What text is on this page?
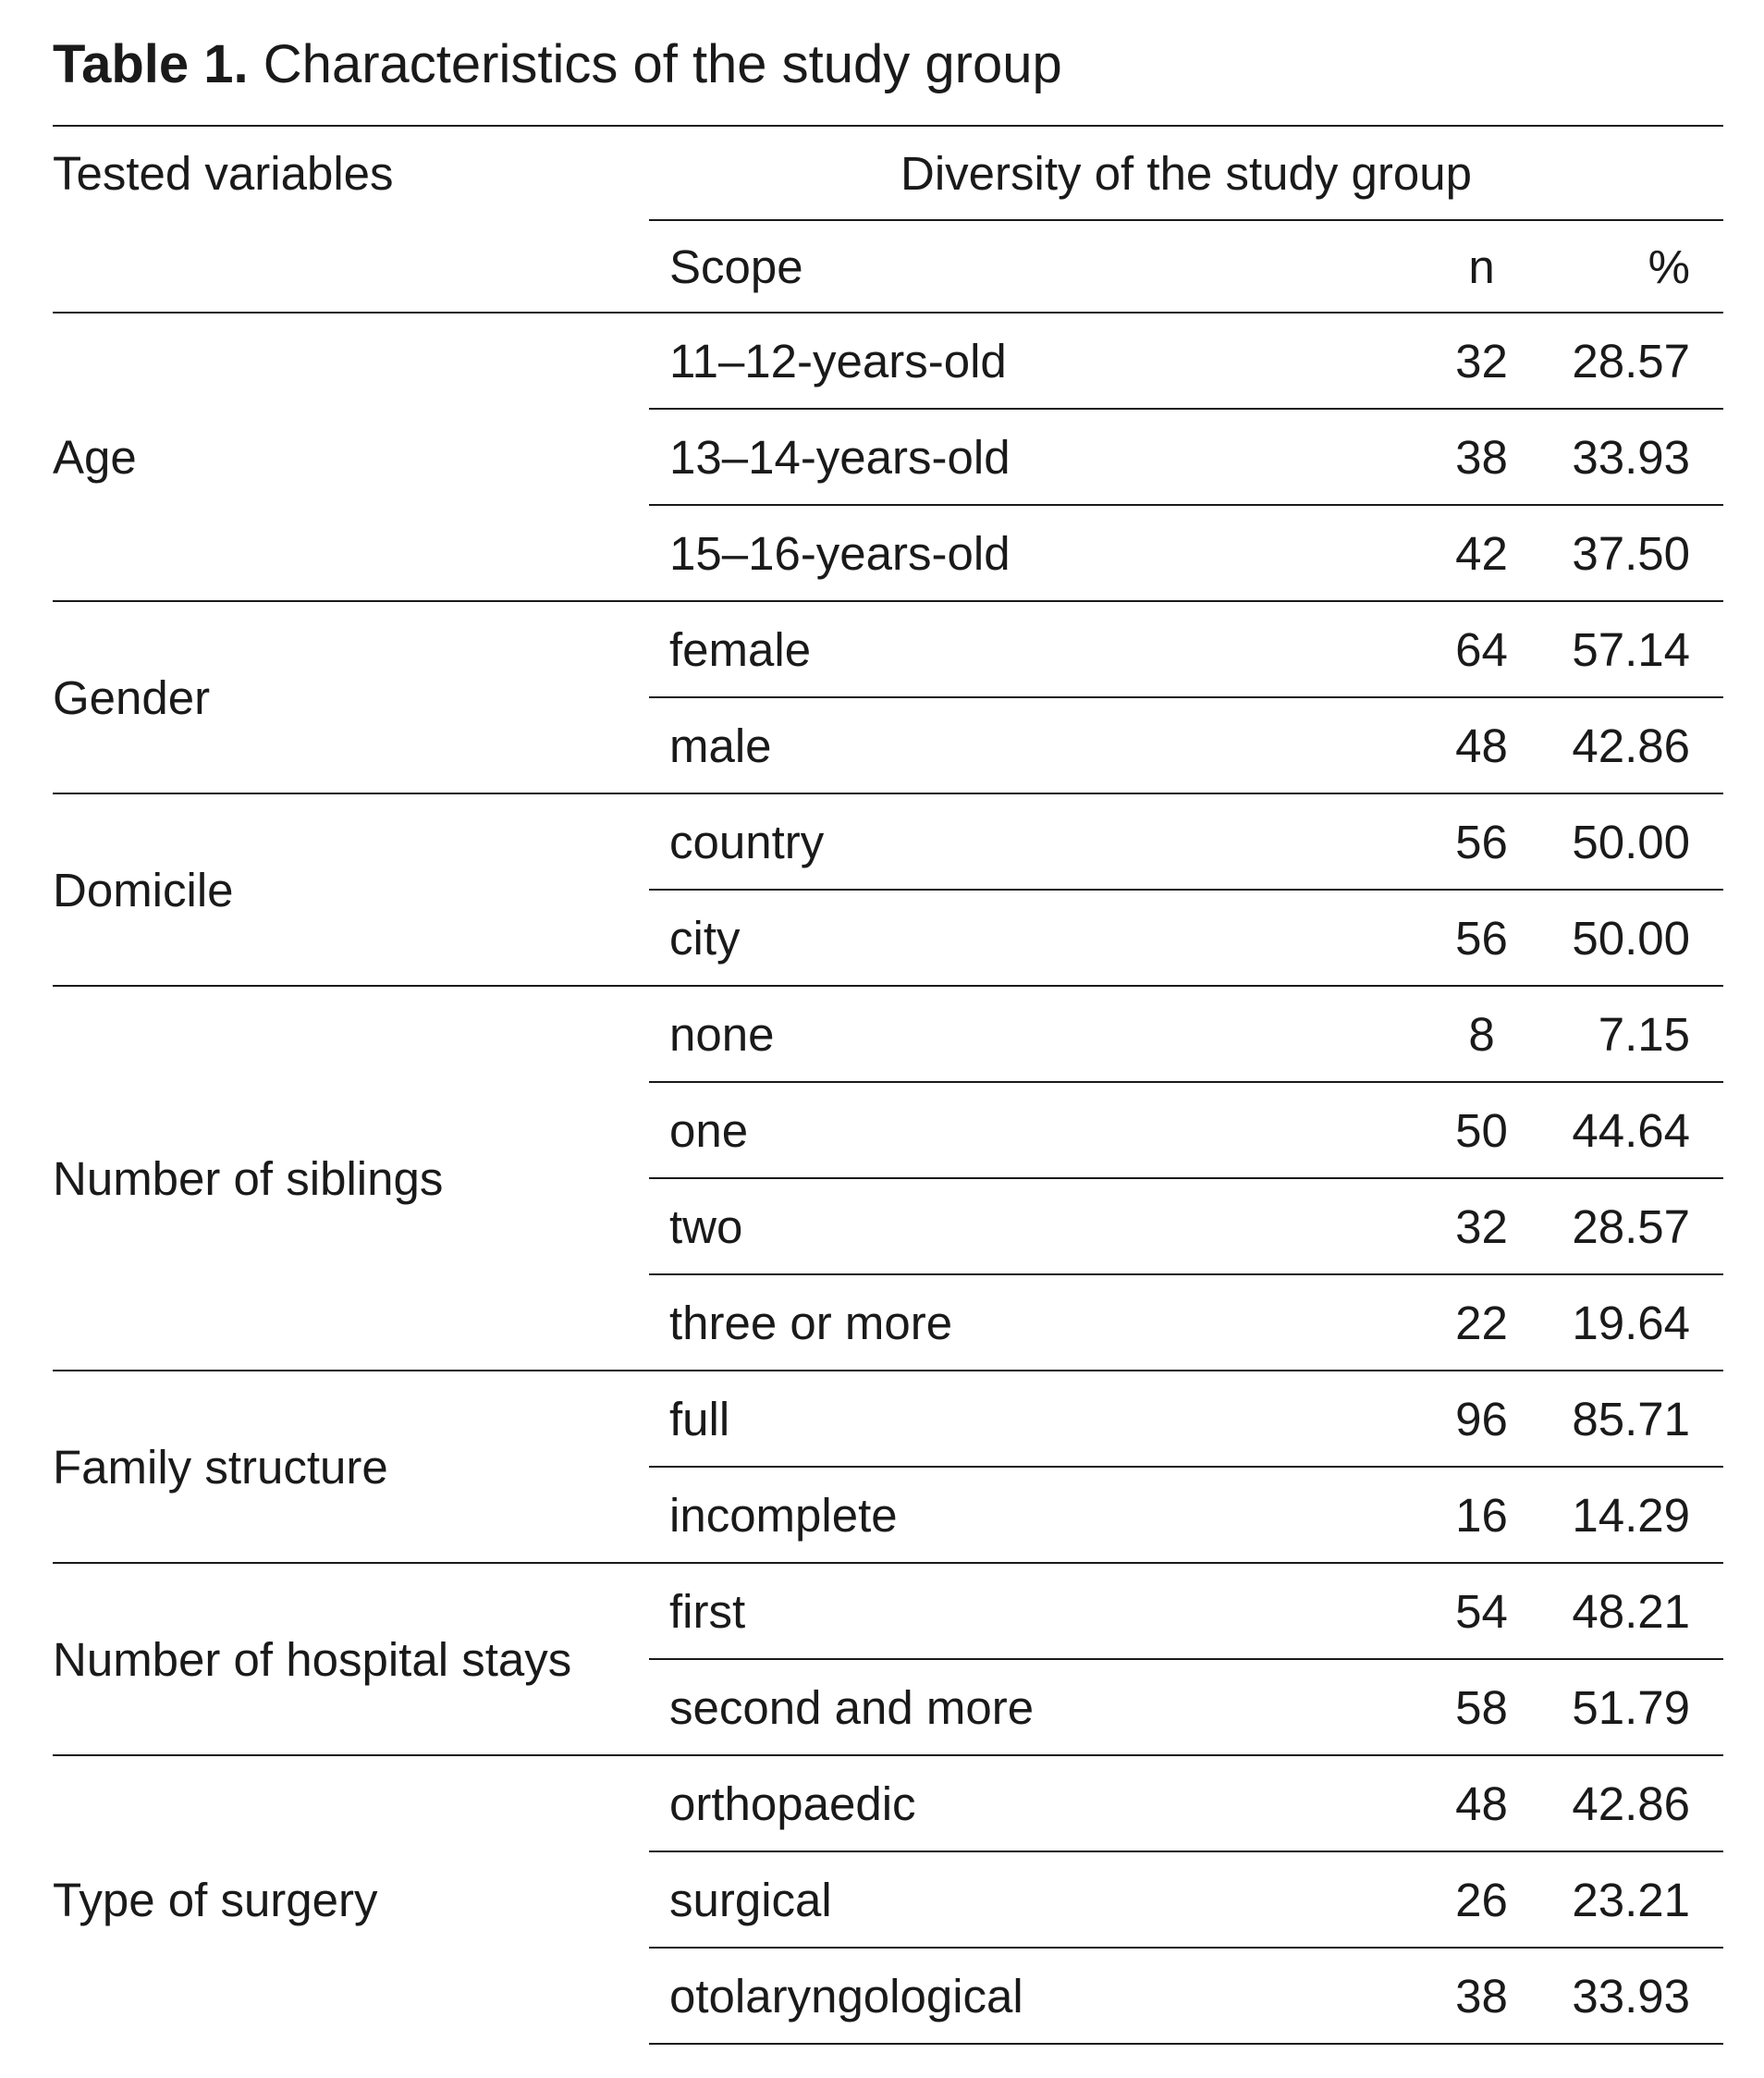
Table 1. Characteristics of the study group
Tested variables	Diversity of the study group		
	Scope	n	%
Age	11–12-years-old	32	28.57
	13–14-years-old	38	33.93
	15–16-years-old	42	37.50
Gender	female	64	57.14
	male	48	42.86
Domicile	country	56	50.00
	city	56	50.00
Number of siblings	none	8	7.15
	one	50	44.64
	two	32	28.57
	three or more	22	19.64
Family structure	full	96	85.71
	incomplete	16	14.29
Number of hospital stays	first	54	48.21
	second and more	58	51.79
Type of surgery	orthopaedic	48	42.86
	surgical	26	23.21
	otolaryngological	38	33.93
